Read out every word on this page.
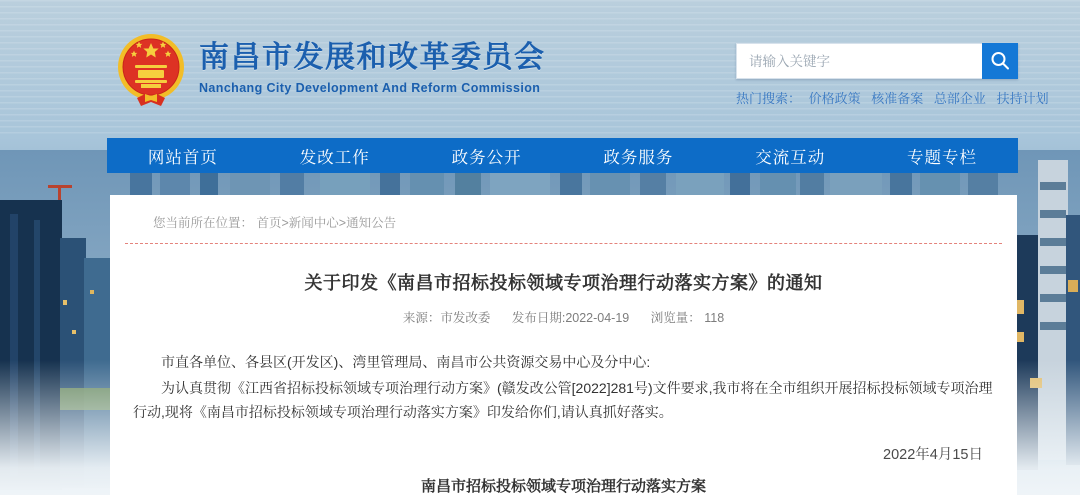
南昌市发展和改革委员会
Nanchang City Development And Reform Commission
请输入关键字
热门搜索： 价格政策 核准备案 总部企业 扶持计划
网站首页	发改工作	政务公开	政务服务	交流互动	专题专栏
您当前所在位置： 首页>新闻中心>通知公告
关于印发《南昌市招标投标领域专项治理行动落实方案》的通知
来源：市发改委 发布日期:2022-04-19 浏览量： 118

市直各单位、各县区(开发区)、湾里管理局、南昌市公共资源交易中心及分中心:

为认真贯彻《江西省招标投标领域专项治理行动方案》(赣发改公管[2022]281号)文件要求,我市将在全市组织开展招标投标领域专项治理行动,现将《南昌市招标投标领域专项治理行动落实方案》印发给你们,请认真抓好落实。

2022年4月15日
南昌市招标投标领域专项治理行动落实方案
